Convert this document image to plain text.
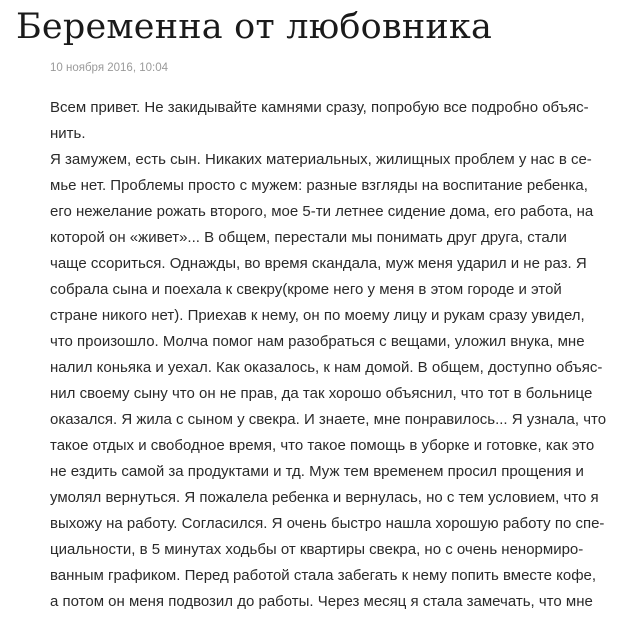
Беременна от любовника
10 ноября 2016, 10:04
Всем привет. Не закидывайте камнями сразу, попробую все подробно объяс-
нить.
Я замужем, есть сын. Никаких материальных, жилищных проблем у нас в се-
мье нет. Проблемы просто с мужем: разные взгляды на воспитание ребенка,
его нежелание рожать второго, мое 5-ти летнее сидение дома, его работа, на
которой он «живет»... В общем, перестали мы понимать друг друга, стали
чаще ссориться. Однажды, во время скандала, муж меня ударил и не раз. Я
собрала сына и поехала к свекру(кроме него у меня в этом городе и этой
стране никого нет). Приехав к нему, он по моему лицу и рукам сразу увидел,
что произошло. Молча помог нам разобраться с вещами, уложил внука, мне
налил коньяка и уехал. Как оказалось, к нам домой. В общем, доступно объяс-
нил своему сыну что он не прав, да так хорошо объяснил, что тот в больнице
оказался. Я жила с сыном у свекра. И знаете, мне понравилось... Я узнала, что
такое отдых и свободное время, что такое помощь в уборке и готовке, как это
не ездить самой за продуктами и тд. Муж тем временем просил прощения и
умолял вернуться. Я пожалела ребенка и вернулась, но с тем условием, что я
выхожу на работу. Согласился. Я очень быстро нашла хорошую работу по спе-
циальности, в 5 минутах ходьбы от квартиры свекра, но с очень ненормиро-
ванным графиком. Перед работой стала забегать к нему попить вместе кофе,
а потом он меня подвозил до работы. Через месяц я стала замечать, что мне
